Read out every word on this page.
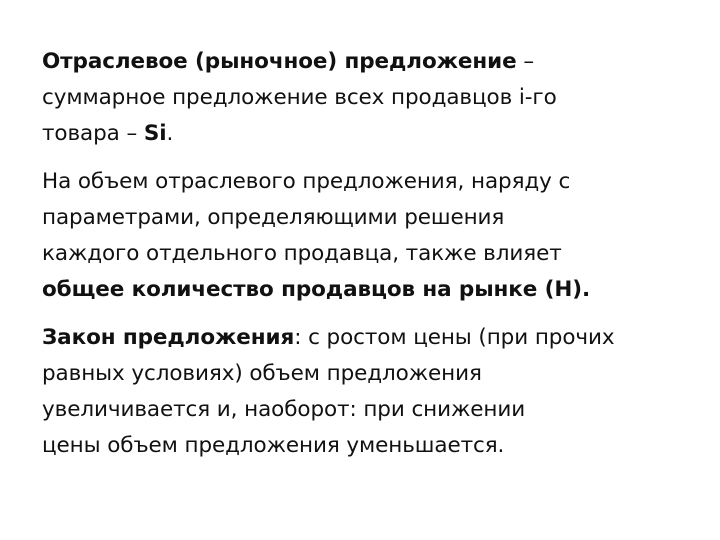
Отраслевое (рыночное) предложение –
суммарное предложение всех продавцов i-го
товара – Si.

На объем отраслевого предложения, наряду с
параметрами, определяющими решения
каждого отдельного продавца, также влияет
общее количество продавцов на рынке (Н).

Закон предложения: с ростом цены (при прочих
равных условиях) объем предложения
увеличивается и, наоборот: при снижении
цены объем предложения уменьшается.
